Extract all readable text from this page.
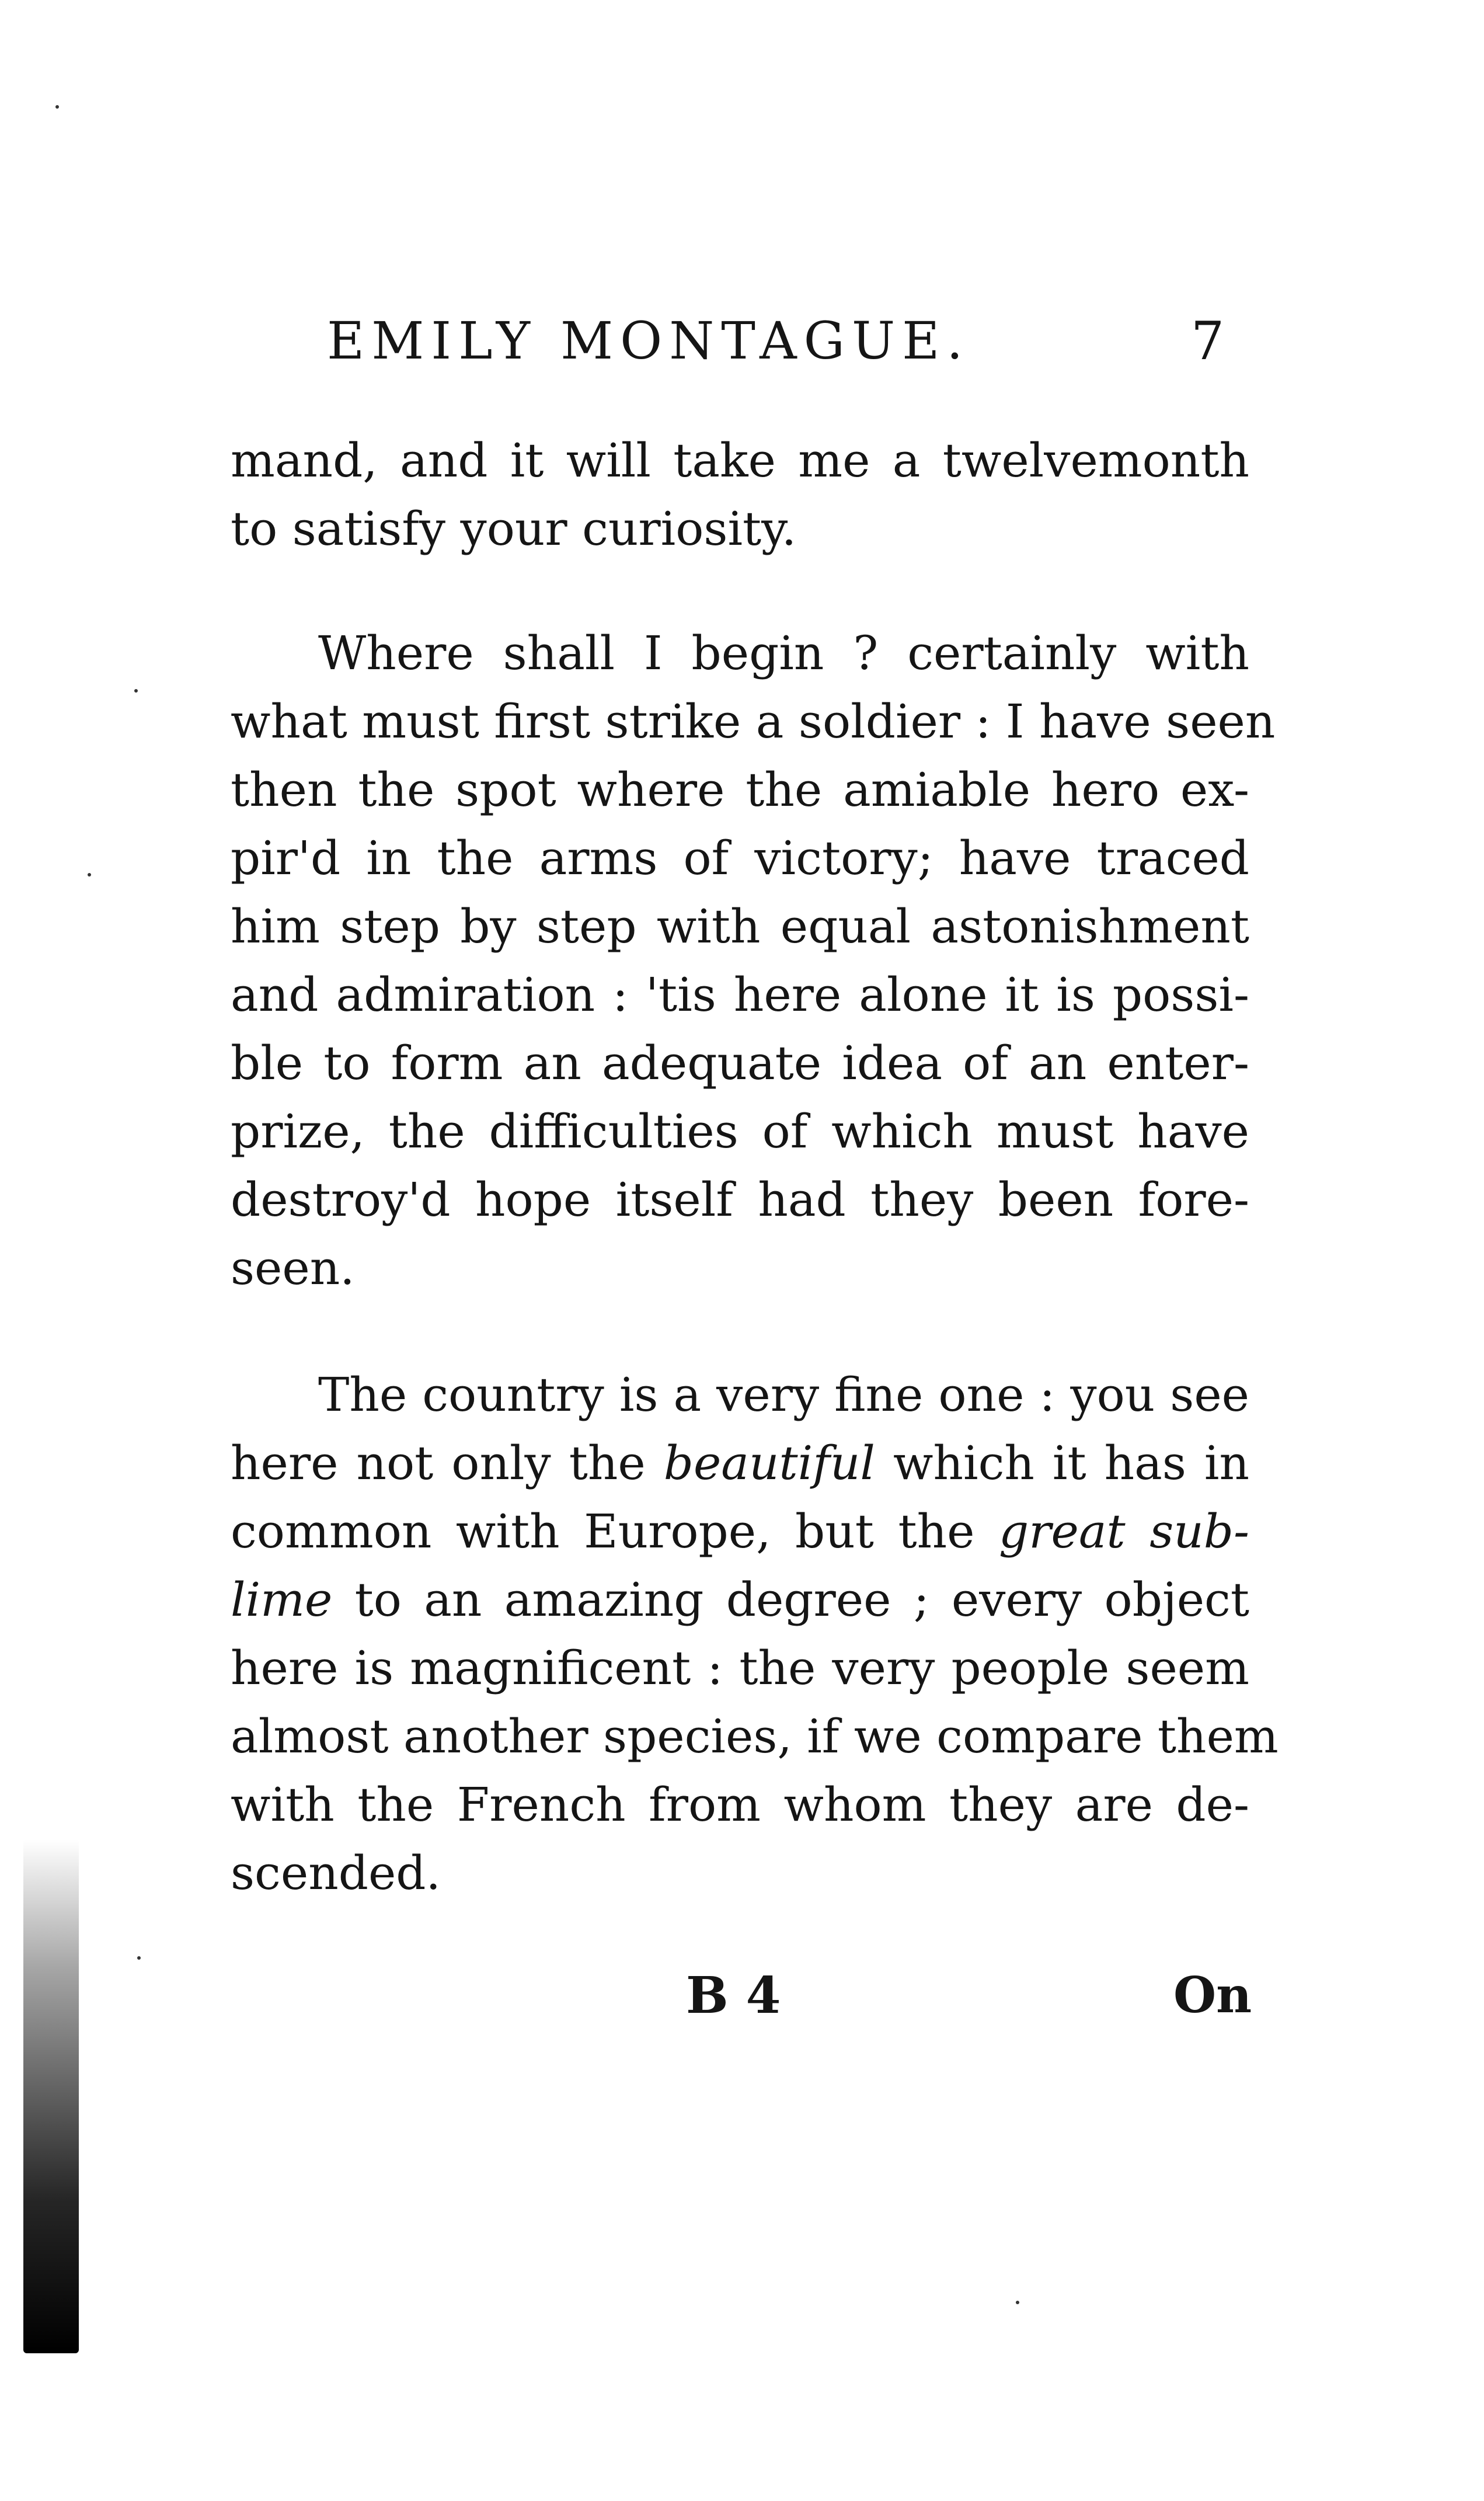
EMILY MONTAGUE.	7
mand, and it will take me a twelvemonth
to satisfy your curiosity.
Where shall I begin ? certainly with
what must first strike a soldier : I have seen
then the spot where the amiable hero ex-
pir'd in the arms of victory; have traced
him step by step with equal astonishment
and admiration : 'tis here alone it is possi-
ble to form an adequate idea of an enter-
prize, the difficulties of which must have
destroy'd hope itself had they been fore-
seen.
The country is a very fine one : you see
here not only the beautiful which it has in
common with Europe, but the great sub-
lime to an amazing degree ; every object
here is magnificent : the very people seem
almost another species, if we compare them
with the French from whom they are de-
scended.
B 4	On
